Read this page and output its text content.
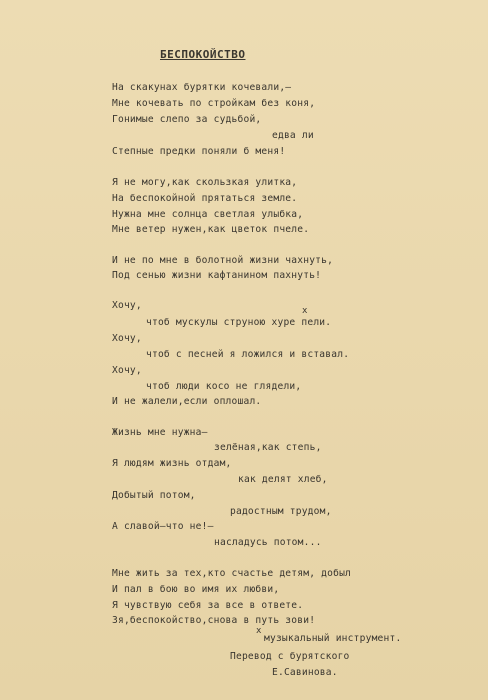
БЕСПОКОЙСТВО
На скакунах бурятки кочевали,—
Мне кочевать по стройкам без коня,
Гонимые слепо за судьбой,
едва ли
Степные предки поняли б меня!
Я не могу,как скользкая улитка,
На беспокойной прятаться земле.
Нужна мне солнца светлая улыбка,
Мне ветер нужен,как цветок пчеле.
И не по мне в болотной жизни чахнуть,
Под сенью жизни кафтанином пахнуть!
Хочу,	х
чтоб мускулы струною хуре пели.
Хочу,
чтоб с песней я ложился и вставал.
Хочу,
чтоб люди косо не глядели,
И не жалели,если оплошал.
Жизнь мне нужна—
зелёная,как степь,
Я людям жизнь отдам,
как делят хлеб,
Добытый потом,
радостным трудом,
А славой—что не!—
насладусь потом...
Мне жить за тех,кто счастье детям, добыл
И пал в бою во имя их любви,
Я чувствую себя за все в ответе.
Зя,беспокойство,снова в путь зови!
х
музыкальный инструмент.
Перевод с бурятского
Е.Савинова.
